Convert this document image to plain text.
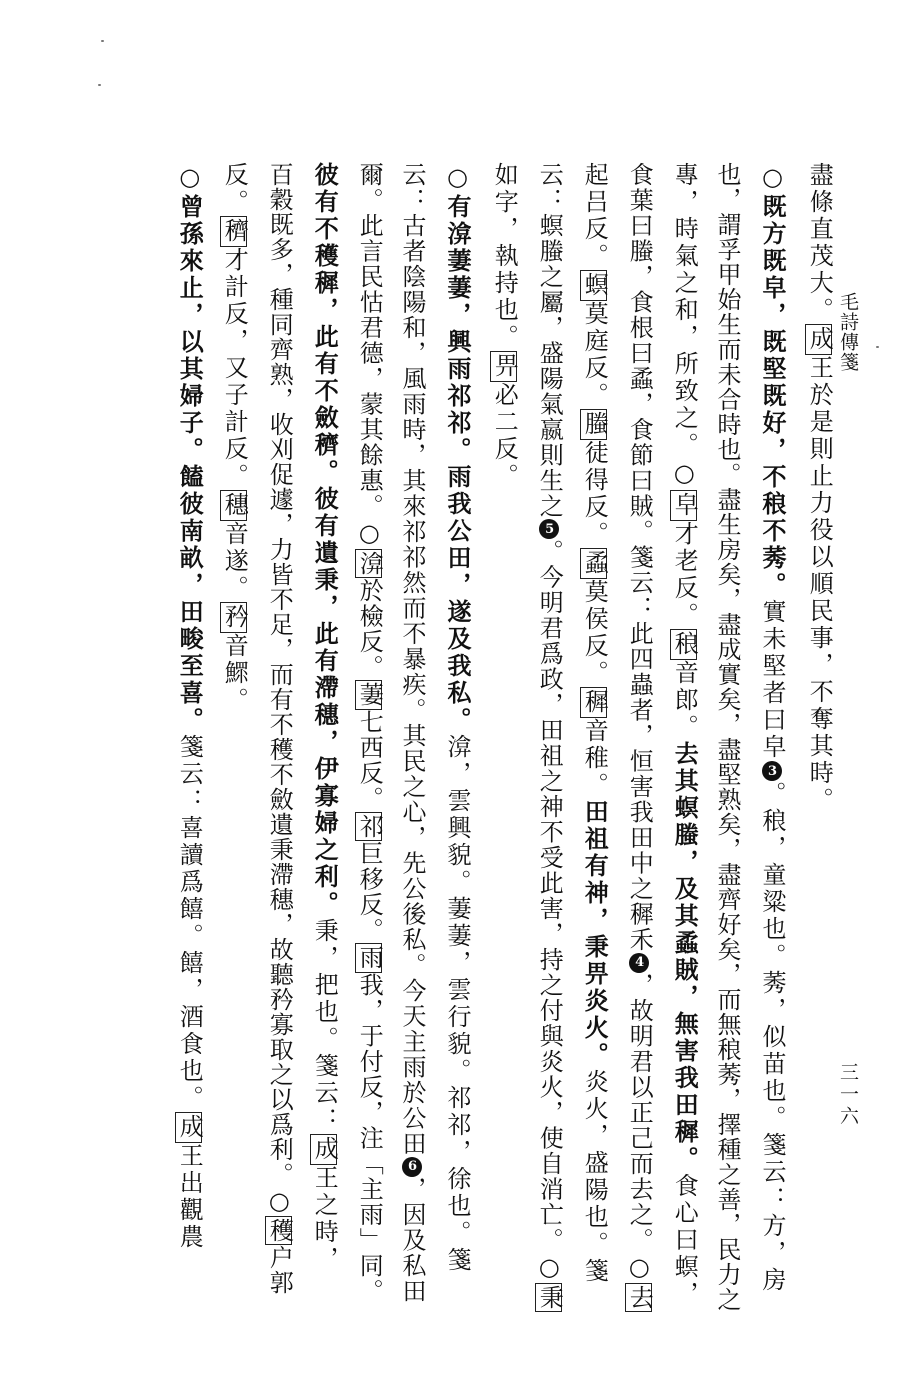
毛詩傳箋
三一六
盡條直茂大。成王於是則止力役以順民事，不奪其時。
○既方既皁，既堅既好，不稂不莠。實未堅者曰皁3。稂，童粱也。莠，似苗也。箋云：方，房
也，謂孚甲始生而未合時也。盡生房矣，盡成實矣，盡堅熟矣，盡齊好矣，而無稂莠，擇種之善，民力之
專，時氣之和，所致之。○皁才老反。稂音郎。去其螟螣，及其蟊賊，無害我田穉。食心曰螟，
食葉曰螣，食根曰蟊，食節曰賊。箋云：此四蟲者，恒害我田中之穉禾4，故明君以正己而去之。○去
起吕反。螟莫庭反。螣徒得反。蟊莫侯反。穉音稚。田祖有神，秉畀炎火。炎火，盛陽也。箋
云：螟螣之屬，盛陽氣嬴則生之5。今明君爲政，田祖之神不受此害，持之付與炎火，使自消亡。○秉
如字，執持也。畀必二反。
○有渰萋萋，興雨祁祁。雨我公田，遂及我私。渰，雲興貌。萋萋，雲行貌。祁祁，徐也。箋
云：古者陰陽和，風雨時，其來祁祁然而不暴疾。其民之心，先公後私。今天主雨於公田6，因及私田
爾。此言民怙君德，蒙其餘惠。○渰於檢反。萋七西反。祁巨移反。雨我，于付反，注「主雨」同。
彼有不穫穉，此有不斂穧。彼有遺秉，此有滯穗，伊寡婦之利。秉，把也。箋云：成王之時，
百穀既多，種同齊熟，收刈促遽，力皆不足，而有不穫不斂遺秉滯穗，故聽矜寡取之以爲利。○穫户郭
反。穧才計反，又子計反。穗音遂。矜音鰥。
○曾孫來止，以其婦子。饁彼南畝，田畯至喜。箋云：喜讀爲饎。饎，酒食也。成王出觀農
